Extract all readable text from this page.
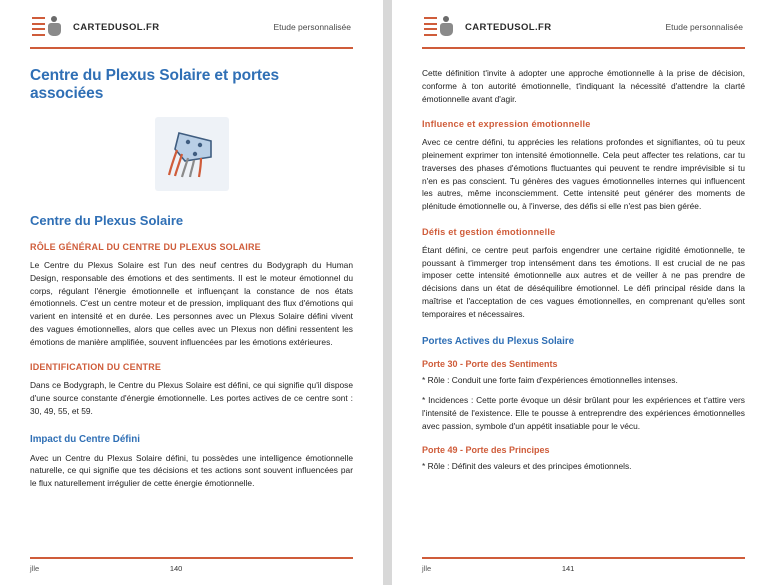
CARTEDUSOL.FR	Etude personnalisée
Centre du Plexus Solaire et portes associées
Centre du Plexus Solaire
RÔLE GÉNÉRAL DU CENTRE DU PLEXUS SOLAIRE

Le Centre du Plexus Solaire est l'un des neuf centres du Bodygraph du Human Design, responsable des émotions et des sentiments. Il est le moteur émotionnel du corps, régulant l'énergie émotionnelle et influençant la constance de nos états émotionnels. C'est un centre moteur et de pression, impliquant des flux d'émotions qui varient en intensité et en durée. Les personnes avec un Plexus Solaire défini vivent des vagues émotionnelles, alors que celles avec un Plexus non défini ressentent les émotions de manière amplifiée, souvent influencées par les émotions extérieures.

IDENTIFICATION DU CENTRE

Dans ce Bodygraph, le Centre du Plexus Solaire est défini, ce qui signifie qu'il dispose d'une source constante d'énergie émotionnelle. Les portes actives de ce centre sont : 30, 49, 55, et 59.

Impact du Centre Défini

Avec un Centre du Plexus Solaire défini, tu possèdes une intelligence émotionnelle naturelle, ce qui signifie que tes décisions et tes actions sont souvent influencées par le flux naturellement irrégulier de cette énergie émotionnelle.

jlle	140
CARTEDUSOL.FR	Etude personnalisée

Cette définition t'invite à adopter une approche émotionnelle à la prise de décision, conforme à ton autorité émotionnelle, t'indiquant la nécessité d'attendre la clarté émotionnelle avant d'agir.

Influence et expression émotionnelle

Avec ce centre défini, tu apprécies les relations profondes et signifiantes, où tu peux pleinement exprimer ton intensité émotionnelle. Cela peut affecter tes relations, car tu traverses des phases d'émotions fluctuantes qui peuvent te rendre imprévisible si tu n'en es pas conscient. Tu génères des vagues émotionnelles internes qui influencent les autres, même inconsciemment. Cette intensité peut générer des moments de plénitude émotionnelle ou, à l'inverse, des défis si elle n'est pas bien gérée.

Défis et gestion émotionnelle

Étant défini, ce centre peut parfois engendrer une certaine rigidité émotionnelle, te poussant à t'immerger trop intensément dans tes émotions. Il est crucial de ne pas imposer cette intensité émotionnelle aux autres et de veiller à ne pas prendre de décisions dans un état de déséquilibre émotionnel. Le défi principal réside dans la maîtrise et l'acceptation de ces vagues émotionnelles, en comprenant qu'elles sont temporaires et nécessaires.

Portes Actives du Plexus Solaire
Porte 30 - Porte des Sentiments

* Rôle : Conduit une forte faim d'expériences émotionnelles intenses.

* Incidences : Cette porte évoque un désir brûlant pour les expériences et t'attire vers l'intensité de l'existence. Elle te pousse à entreprendre des expériences émotionnelles avec passion, symbole d'un appétit insatiable pour le vécu.

Porte 49 - Porte des Principes

* Rôle : Définit des valeurs et des principes émotionnels.

jlle	141
